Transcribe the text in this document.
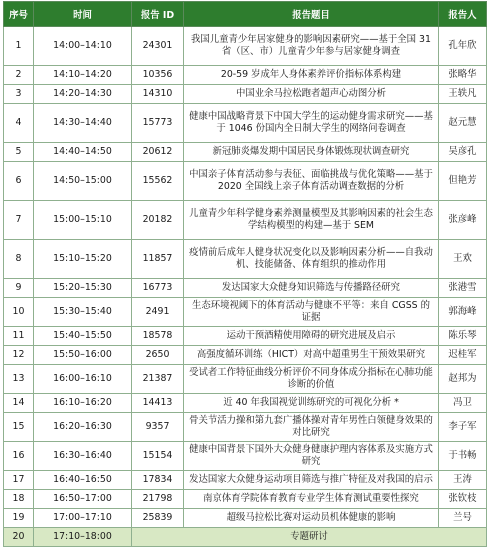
序号	时间	报告 ID	报告题目	报告人
1	14:00–14:10	24301	我国儿童青少年居家健身的影响因素研究——基于全国 31 省（区、市）儿童青少年参与居家健身调查	孔年欣
2	14:10–14:20	10356	20-59 岁成年人身体素养评价指标体系构建	张略华
3	14:20–14:30	14310	中国业余马拉松跑者超声心动图分析	王轶凡
4	14:30–14:40	15773	健康中国战略背景下中国大学生的运动健身需求研究——基于 1046 份国内全日制大学生的网络问卷调查	赵元慧
5	14:40–14:50	20612	新冠肺炎爆发期中国居民身体锻炼现状调查研究	吴彦孔
6	14:50–15:00	15562	中国亲子体育活动参与表征、面临挑战与优化策略——基于 2020 全国线上亲子体育活动调查数据的分析	但艳芳
7	15:00–15:10	20182	儿童青少年科学健身素养测量模型及其影响因素的社会生态学结构模型的构建—基于 SEM	张彦峰
8	15:10–15:20	11857	疫情前后成年人健身状况变化以及影响因素分析——自我动机、技能储备、体育组织的推动作用	王欢
9	15:20–15:30	16773	发达国家大众健身知识筛选与传播路径研究	张港雪
10	15:30–15:40	2491	生态环境视阈下的体育活动与健康不平等：来自 CGSS 的证据	郭海峰
11	15:40–15:50	18578	运动干预酒精使用障碍的研究进展及启示	陈乐琴
12	15:50–16:00	2650	高强度循环训练（HICT）对高中超重男生干预效果研究	迟桂军
13	16:00–16:10	21387	受试者工作特征曲线分析评价不同身体成分指标在心肺功能诊断的价值	赵邦为
14	16:10–16:20	14413	近 40 年我国视觉训练研究的可视化分析 *	冯卫
15	16:20–16:30	9357	骨关节活力操和第九套广播体操对青年男性白领健身效果的对比研究	李子军
16	16:30–16:40	15154	健康中国背景下国外大众健身健康护理内容体系及实施方式研究	于书畅
17	16:40–16:50	17834	发达国家大众健身运动项目筛选与推广特征及对我国的启示	王涛
18	16:50–17:00	21798	南京体育学院体育教育专业学生体育测试重要性探究	张钦枝
19	17:00–17:10	25839	超级马拉松比赛对运动员机体健康的影响	兰号
20	17:10–18:00	专题研讨		
